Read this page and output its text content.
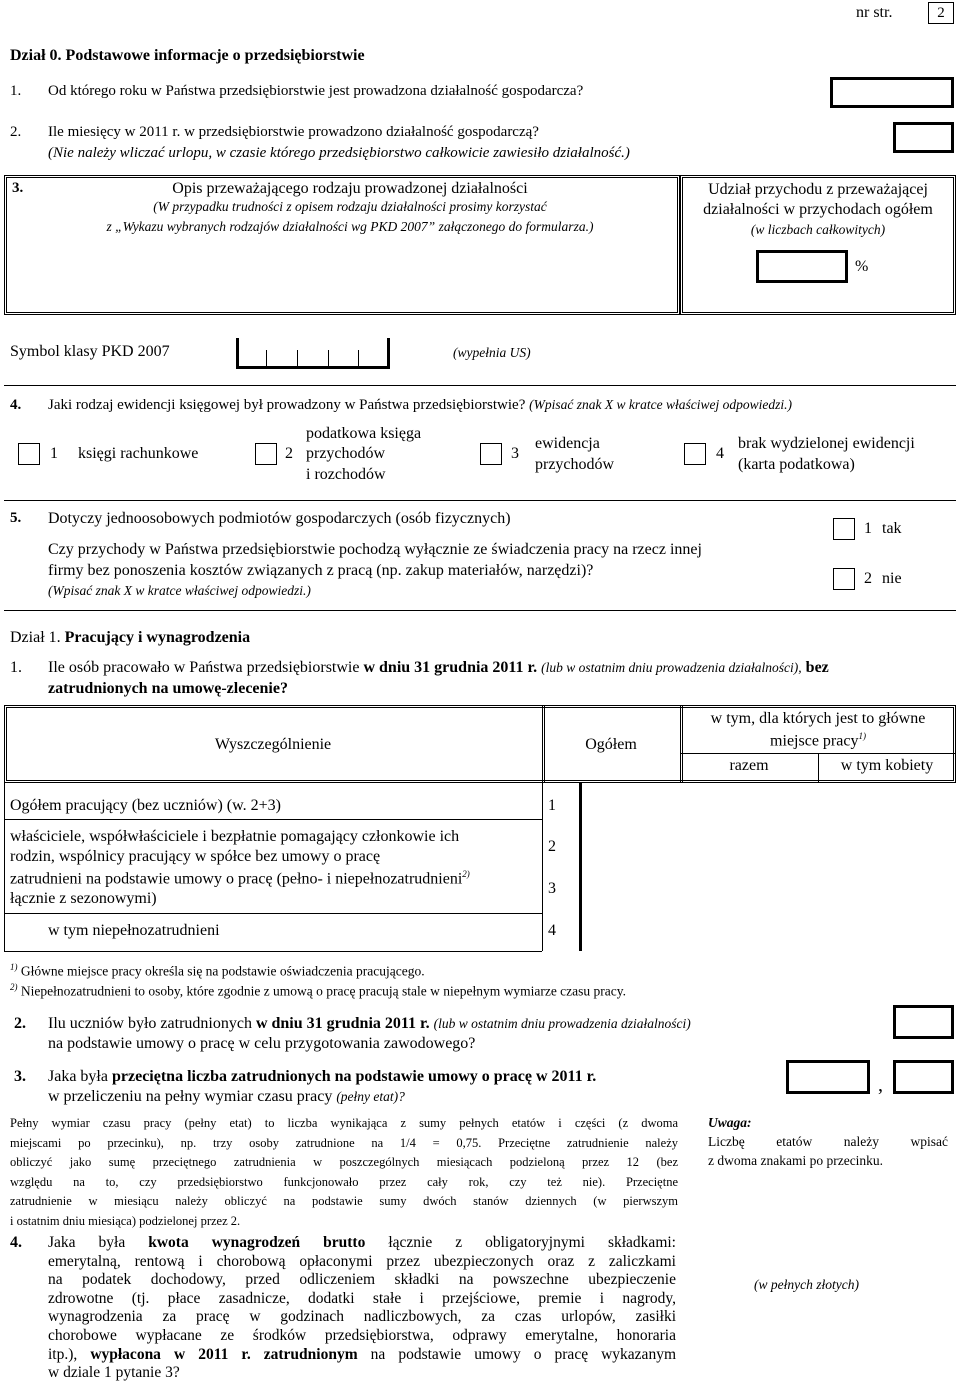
nr str.	2
Dział 0. Podstawowe informacje o przedsiębiorstwie
1. Od którego roku w Państwa przedsiębiorstwie jest prowadzona działalność gospodarcza?
2. Ile miesięcy w 2011 r. w przedsiębiorstwie prowadzono działalność gospodarczą?
(Nie należy wliczać urlopu, w czasie którego przedsiębiorstwo całkowicie zawiesiło działalność.)
3.	Opis przeważającego rodzaju prowadzonej działalności
(W przypadku trudności z opisem rodzaju działalności prosimy korzystać
z „Wykazu wybranych rodzajów działalności wg PKD 2007” załączonego do formularza.)
Udział przychodu z przeważającej
działalności w przychodach ogółem
(w liczbach całkowitych)
%
Symbol klasy PKD 2007	(wypełnia US)
4. Jaki rodzaj ewidencji księgowej był prowadzony w Państwa przedsiębiorstwie? (Wpisać znak X w kratce właściwej odpowiedzi.)
1 księgi rachunkowe	2
podatkowa księga
przychodów
i rozchodów
3
ewidencja
przychodów
4
brak wydzielonej ewidencji
(karta podatkowa)
5. Dotyczy jednoosobowych podmiotów gospodarczych (osób fizycznych)
Czy przychody w Państwa przedsiębiorstwie pochodzą wyłącznie ze świadczenia pracy na rzecz innej
firmy bez ponoszenia kosztów związanych z pracą (np. zakup materiałów, narzędzi)?
(Wpisać znak X w kratce właściwej odpowiedzi.)
1 tak
2 nie
Dział 1. Pracujący i wynagrodzenia
1. Ile osób pracowało w Państwa przedsiębiorstwie w dniu 31 grudnia 2011 r. (lub w ostatnim dniu prowadzenia działalności), bez
zatrudnionych na umowę-zlecenie?
Wyszczególnienie	Ogółem
w tym, dla których jest to główne
miejsce pracy$^{1)}$
razem	w tym kobiety
Ogółem pracujący (bez uczniów) (w. 2+3)	1
właściciele, współwłaściciele i bezpłatnie pomagający członkowie ich
rodzin, wspólnicy pracujący w spółce bez umowy o pracę
2
zatrudnieni na podstawie umowy o pracę (pełno- i niepełnozatrudnieni$^{2)}$
łącznie z sezonowymi)
3
w tym niepełnozatrudnieni	4
$^{1)}$ Główne miejsce pracy określa się na podstawie oświadczenia pracującego.
$^{2)}$ Niepełnozatrudnieni to osoby, które zgodnie z umową o pracę pracują stale w niepełnym wymiarze czasu pracy.
2. Ilu uczniów było zatrudnionych w dniu 31 grudnia 2011 r. (lub w ostatnim dniu prowadzenia działalności)
na podstawie umowy o pracę w celu przygotowania zawodowego?
3. Jaka była przeciętna liczba zatrudnionych na podstawie umowy o pracę w 2011 r.
w przeliczeniu na pełny wymiar czasu pracy (pełny etat)?
,
Pełny wymiar czasu pracy (pełny etat) to liczba wynikająca z sumy pełnych etatów i części (z dwoma
miejscami po przecinku), np. trzy osoby zatrudnione na 1/4 = 0,75. Przeciętne zatrudnienie należy
obliczyć jako sumę przeciętnego zatrudnienia w poszczególnych miesiącach podzieloną przez 12 (bez
względu na to, czy przedsiębiorstwo funkcjonowało przez cały rok, czy też nie). Przeciętne
zatrudnienie w miesiącu należy obliczyć na podstawie sumy dwóch stanów dziennych (w pierwszym
i ostatnim dniu miesiąca) podzielonej przez 2.
Uwaga:
Liczbę etatów należy wpisać
z dwoma znakami po przecinku.
4. Jaka była kwota wynagrodzeń brutto łącznie z obligatoryjnymi składkami:
emerytalną, rentową i chorobową opłaconymi przez ubezpieczonych oraz z zaliczkami
na podatek dochodowy, przed odliczeniem składki na powszechne ubezpieczenie
zdrowotne (tj. płace zasadnicze, dodatki stałe i przejściowe, premie i nagrody,
wynagrodzenia za pracę w godzinach nadliczbowych, za czas urlopów, zasiłki
chorobowe wypłacane ze środków przedsiębiorstwa, odprawy emerytalne, honoraria
itp.), wypłacona w 2011 r. zatrudnionym na podstawie umowy o pracę wykazanym
w dziale 1 pytanie 3?
(w pełnych złotych)
